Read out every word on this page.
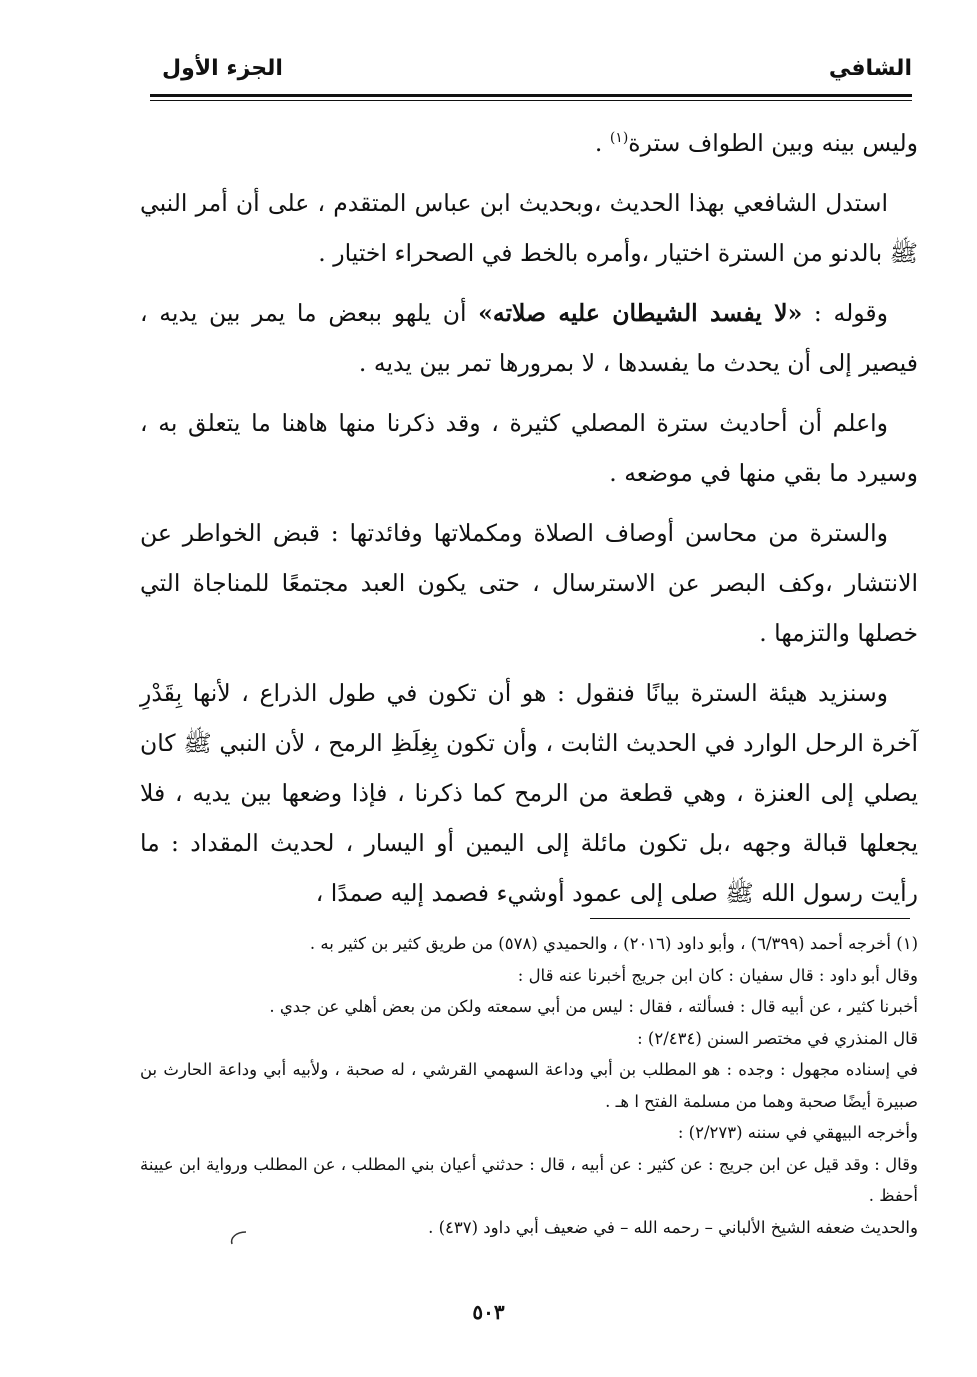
الشافي
الجزء الأول

وليس بينه وبين الطواف سترة$^{(١)}$ .

استدل الشافعي بهذا الحديث ،وبحديث ابن عباس المتقدم ، على أن أمر النبي ﷺ بالدنو من السترة اختيار ،وأمره بالخط في الصحراء اختيار .

وقوله : «لا يفسد الشيطان عليه صلاته» أن يلهو ببعض ما يمر بين يديه ، فيصير إلى أن يحدث ما يفسدها ، لا بمرورها تمر بين يديه .

واعلم أن أحاديث سترة المصلي كثيرة ، وقد ذكرنا منها هاهنا ما يتعلق به ، وسيرد ما بقي منها في موضعه .

والسترة من محاسن أوصاف الصلاة ومكملاتها وفائدتها : قبض الخواطر عن الانتشار ،وكف البصر عن الاسترسال ، حتى يكون العبد مجتمعًا للمناجاة التي خصلها والتزمها .

وسنزيد هيئة السترة بيانًا فنقول : هو أن تكون في طول الذراع ، لأنها بِقَدْرِ آخرة الرحل الوارد في الحديث الثابت ، وأن تكون بِغِلَظِ الرمح ، لأن النبي ﷺ كان يصلي إلى العنزة ، وهي قطعة من الرمح كما ذكرنا ، فإذا وضعها بين يديه ، فلا يجعلها قبالة وجهه ،بل تكون مائلة إلى اليمين أو اليسار ، لحديث المقداد : ما رأيت رسول الله ﷺ صلى إلى عمود أوشيء فصمد إليه صمدًا ،

(١) أخرجه أحمد (٦/٣٩٩) ، وأبو داود (٢٠١٦) ، والحميدي (٥٧٨) من طريق كثير بن كثير به .
وقال أبو داود : قال سفيان : كان ابن جريج أخبرنا عنه قال :
أخبرنا كثير ، عن أبيه قال : فسألته ، فقال : ليس من أبي سمعته ولكن من بعض أهلي عن جدي .
قال المنذري في مختصر السنن (٢/٤٣٤) :
في إسناده مجهول : وجده : هو المطلب بن أبي وداعة السهمي القرشي ، له صحبة ، ولأبيه أبي وداعة الحارث بن صبيرة أيضًا صحبة وهما من مسلمة الفتح ا هـ .
وأخرجه البيهقي في سننه (٢/٢٧٣) :
وقال : وقد قيل عن ابن جريج : عن كثير : عن أبيه ، قال : حدثني أعيان بني المطلب ، عن المطلب ورواية ابن عيينة أحفظ .
والحديث ضعفه الشيخ الألباني – رحمه الله – في ضعيف أبي داود (٤٣٧) .
٥٠٣
